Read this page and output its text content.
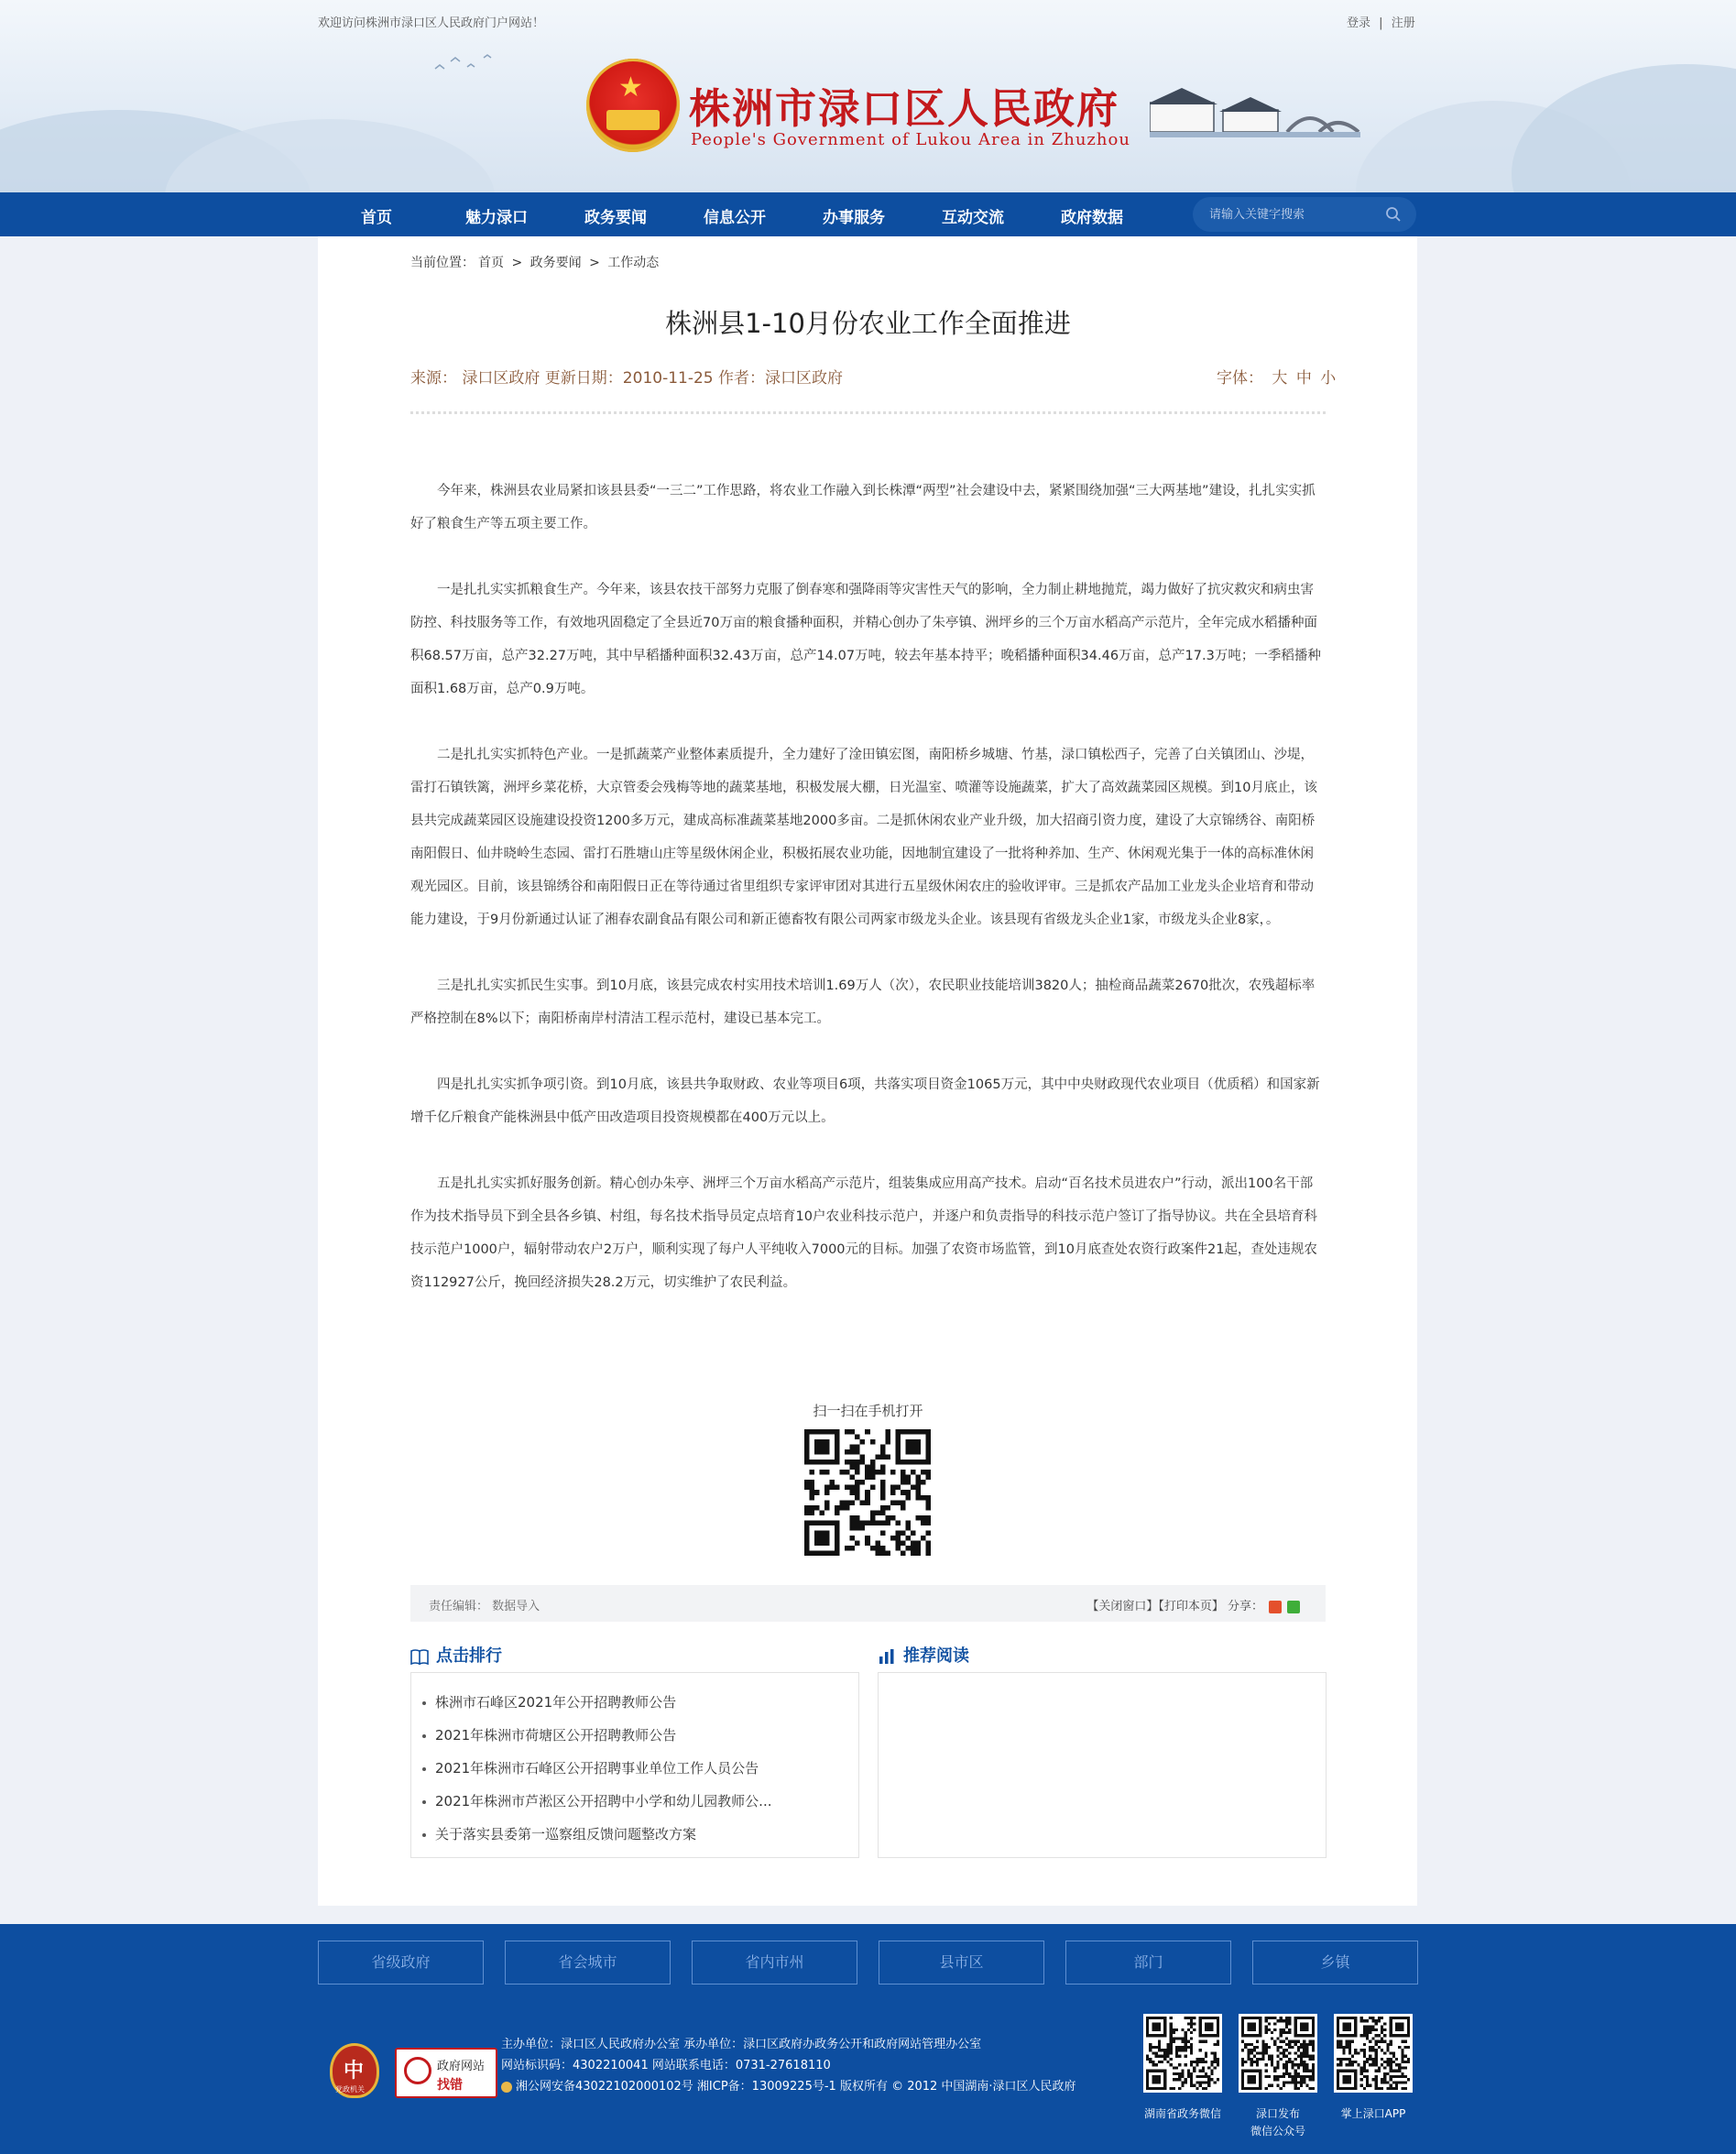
欢迎访问株洲市渌口区人民政府门户网站！	登录 | 注册
★ 株洲市渌口区人民政府
People's Government of Lukou Area in Zhuzhou
首页	魅力渌口	政务要闻	信息公开	办事服务	互动交流	政府数据
请输入关键字搜索
当前位置： 首页 > 政务要闻 > 工作动态
株洲县1-10月份农业工作全面推进
来源： 渌口区政府 更新日期：2010-11-25 作者：渌口区政府	字体： 大 中 小

今年来，株洲县农业局紧扣该县县委“一三二”工作思路，将农业工作融入到长株潭“两型”社会建设中去，紧紧围绕加强“三大两基地”建设，扎扎实实抓好了粮食生产等五项主要工作。

一是扎扎实实抓粮食生产。今年来，该县农技干部努力克服了倒春寒和强降雨等灾害性天气的影响，全力制止耕地抛荒，竭力做好了抗灾救灾和病虫害防控、科技服务等工作，有效地巩固稳定了全县近70万亩的粮食播种面积，并精心创办了朱亭镇、洲坪乡的三个万亩水稻高产示范片，全年完成水稻播种面积68.57万亩，总产32.27万吨，其中早稻播种面积32.43万亩，总产14.07万吨，较去年基本持平；晚稻播种面积34.46万亩，总产17.3万吨；一季稻播种面积1.68万亩，总产0.9万吨。

二是扎扎实实抓特色产业。一是抓蔬菜产业整体素质提升，全力建好了淦田镇宏图，南阳桥乡城塘、竹基，渌口镇松西子，完善了白关镇团山、沙堤，雷打石镇铁篱，洲坪乡菜花桥，大京管委会残梅等地的蔬菜基地，积极发展大棚，日光温室、喷灌等设施蔬菜，扩大了高效蔬菜园区规模。到10月底止，该县共完成蔬菜园区设施建设投资1200多万元，建成高标准蔬菜基地2000多亩。二是抓休闲农业产业升级，加大招商引资力度，建设了大京锦绣谷、南阳桥南阳假日、仙井晓岭生态园、雷打石胜塘山庄等星级休闲企业，积极拓展农业功能，因地制宜建设了一批将种养加、生产、休闲观光集于一体的高标准休闲观光园区。目前，该县锦绣谷和南阳假日正在等待通过省里组织专家评审团对其进行五星级休闲农庄的验收评审。三是抓农产品加工业龙头企业培育和带动能力建设，于9月份新通过认证了湘春农副食品有限公司和新正德畜牧有限公司两家市级龙头企业。该县现有省级龙头企业1家，市级龙头企业8家，。

三是扎扎实实抓民生实事。到10月底，该县完成农村实用技术培训1.69万人（次），农民职业技能培训3820人；抽检商品蔬菜2670批次，农残超标率严格控制在8%以下；南阳桥南岸村清洁工程示范村，建设已基本完工。

四是扎扎实实抓争项引资。到10月底，该县共争取财政、农业等项目6项，共落实项目资金1065万元，其中中央财政现代农业项目（优质稻）和国家新增千亿斤粮食产能株洲县中低产田改造项目投资规模都在400万元以上。

五是扎扎实实抓好服务创新。精心创办朱亭、洲坪三个万亩水稻高产示范片，组装集成应用高产技术。启动“百名技术员进农户”行动，派出100名干部作为技术指导员下到全县各乡镇、村组，每名技术指导员定点培育10户农业科技示范户，并逐户和负责指导的科技示范户签订了指导协议。共在全县培育科技示范户1000户，辐射带动农户2万户，顺利实现了每户人平纯收入7000元的目标。加强了农资市场监管，到10月底查处农资行政案件21起，查处违规农资112927公斤，挽回经济损失28.2万元，切实维护了农民利益。

扫一扫在手机打开
责任编辑： 数据导入	【关闭窗口】【打印本页】 分享：
点击排行
株洲市石峰区2021年公开招聘教师公告
2021年株洲市荷塘区公开招聘教师公告
2021年株洲市石峰区公开招聘事业单位工作人员公告
2021年株洲市芦淞区公开招聘中小学和幼儿园教师公...
关于落实县委第一巡察组反馈问题整改方案
推荐阅读
省级政府	省会城市	省内市州	县市区	部门	乡镇
中
党政机关
政府网站
找错
主办单位：渌口区人民政府办公室 承办单位：渌口区政府办政务公开和政府网站管理办公室
网站标识码：4302210041 网站联系电话：0731-27618110
湘公网安备43022102000102号 湘ICP备：13009225号-1 版权所有 © 2012 中国湖南·渌口区人民政府
湖南省政务微信	渌口发布
微信公众号
掌上渌口APP
